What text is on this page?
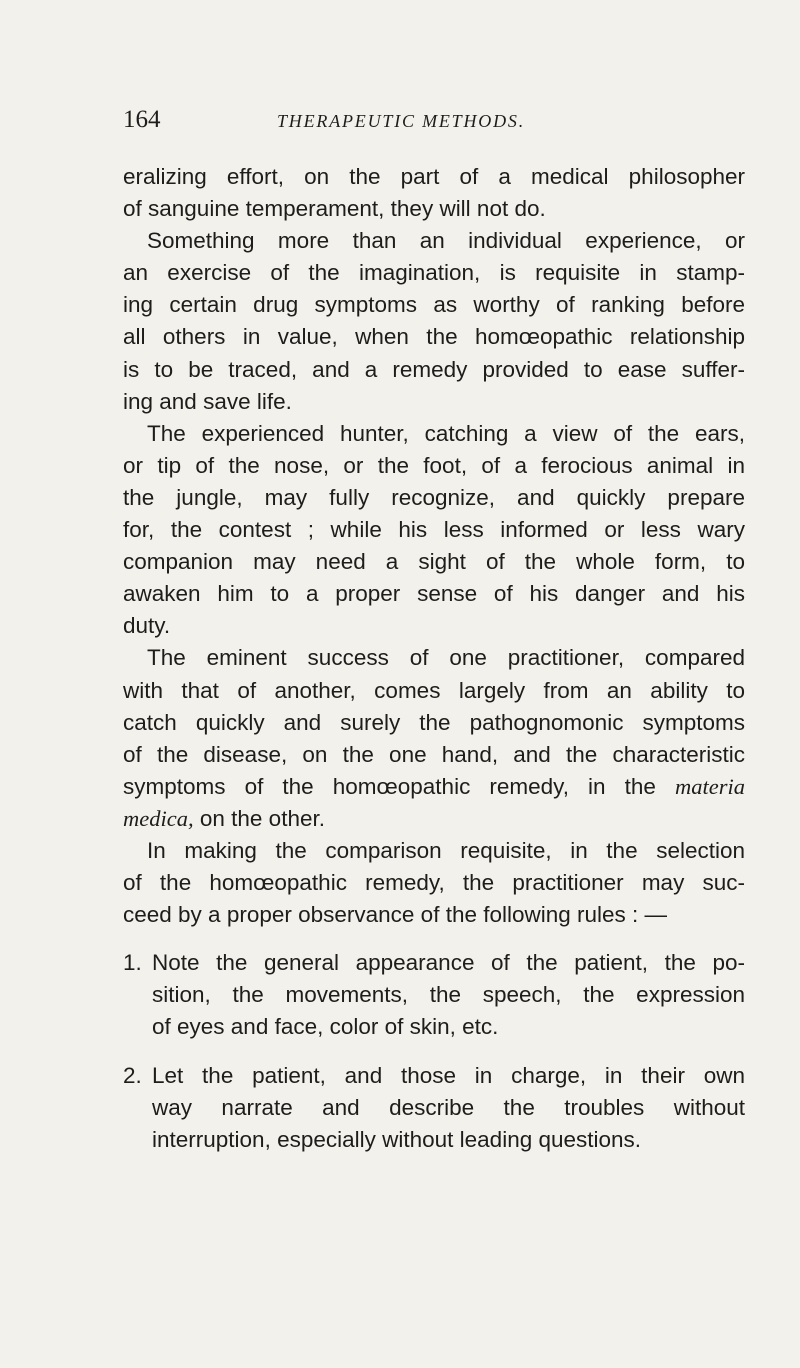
164	THERAPEUTIC METHODS.
eralizing effort, on the part of a medical philosopher
of sanguine temperament, they will not do.
Something more than an individual experience, or
an exercise of the imagination, is requisite in stamp-
ing certain drug symptoms as worthy of ranking before
all others in value, when the homœopathic relationship
is to be traced, and a remedy provided to ease suffer-
ing and save life.
The experienced hunter, catching a view of the ears,
or tip of the nose, or the foot, of a ferocious animal in
the jungle, may fully recognize, and quickly prepare
for, the contest ; while his less informed or less wary
companion may need a sight of the whole form, to
awaken him to a proper sense of his danger and his
duty.
The eminent success of one practitioner, compared
with that of another, comes largely from an ability to
catch quickly and surely the pathognomonic symptoms
of the disease, on the one hand, and the characteristic
symptoms of the homœopathic remedy, in the materia
medica, on the other.
In making the comparison requisite, in the selection
of the homœopathic remedy, the practitioner may suc-
ceed by a proper observance of the following rules : —
1. Note the general appearance of the patient, the po-
sition, the movements, the speech, the expression
of eyes and face, color of skin, etc.
2. Let the patient, and those in charge, in their own
way narrate and describe the troubles without
interruption, especially without leading questions.
